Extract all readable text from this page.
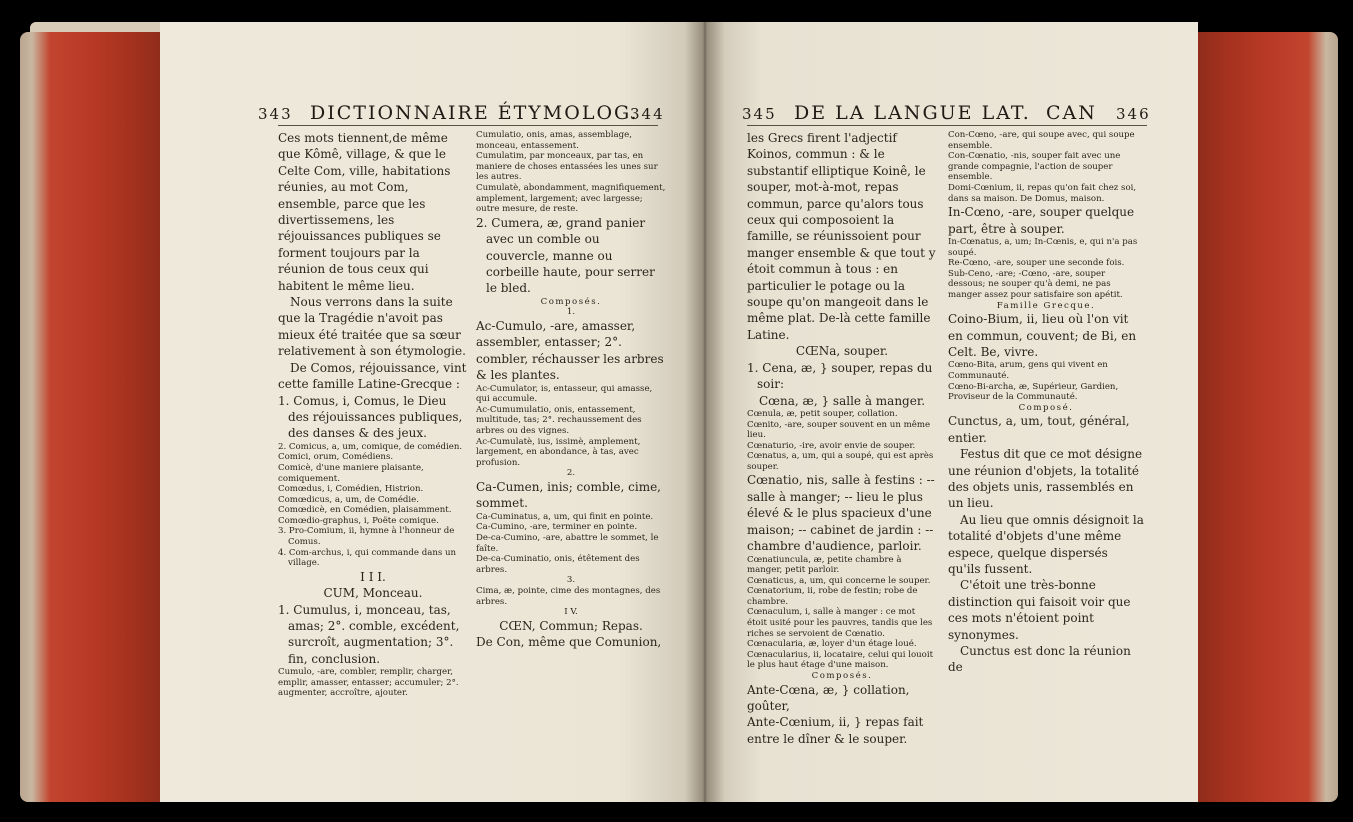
343 DICTIONNAIRE ÉTYMOLOG.
344

Ces mots tiennent,de même que Kômê, village, & que le Celte Com, ville, habitations réunies, au mot Com, ensemble, parce que les divertissemens, les réjouissances publiques se forment toujours par la réunion de tous ceux qui habitent le même lieu.

Nous verrons dans la suite que la Tragédie n'avoit pas mieux été traitée que sa sœur relativement à son étymologie.

De Comos, réjouissance, vint cette famille Latine-Grecque :

1. Comus, i, Comus, le Dieu des réjouissances publiques, des danses & des jeux.

2. Comicus, a, um, comique, de comédien.

Comici, orum, Comédiens.

Comicè, d'une maniere plaisante, comiquement.

Comœdus, i, Comédien, Histrion.

Comœdicus, a, um, de Comédie.

Comœdicè, en Comédien, plaisamment.

Comœdio-graphus, i, Poëte comique.

3. Pro-Comium, ii, hymne à l'honneur de Comus.

4. Com-archus, i, qui commande dans un village.

I I I.

CUM, Monceau.

1. Cumulus, i, monceau, tas, amas; 2°. comble, excédent, surcroît, augmentation; 3°. fin, conclusion.

Cumulo, -are, combler, remplir, charger, emplir, amasser, entasser; accumuler; 2°. augmenter, accroître, ajouter.

Cumulatio, onis, amas, assemblage, monceau, entassement.

Cumulatim, par monceaux, par tas, en maniere de choses entassées les unes sur les autres.

Cumulatè, abondamment, magnifiquement, amplement, largement; avec largesse; outre mesure, de reste.

2. Cumera, æ, grand panier avec un comble ou couvercle, manne ou corbeille haute, pour serrer le bled.

Composés.

1.

Ac-Cumulo, -are, amasser, assembler, entasser; 2°. combler, réchausser les arbres & les plantes.

Ac-Cumulator, is, entasseur, qui amasse, qui accumule.

Ac-Cumumulatio, onis, entassement, multitude, tas; 2°. rechaussement des arbres ou des vignes.

Ac-Cumulatè, ius, issimè, amplement, largement, en abondance, à tas, avec profusion.

2.

Ca-Cumen, inis; comble, cime, sommet.

Ca-Cuminatus, a, um, qui finit en pointe.

Ca-Cumino, -are, terminer en pointe.

De-ca-Cumino, -are, abattre le sommet, le faîte.

De-ca-Cuminatio, onis, étêtement des arbres.

3.

Cima, æ, pointe, cime des montagnes, des arbres.

I V.

CŒN, Commun; Repas.

De Con, même que Comunion,

345 DE LA LANGUE LAT. CAN 346

les Grecs firent l'adjectif Koinos, commun : & le substantif elliptique Koinê, le souper, mot-à-mot, repas commun, parce qu'alors tous ceux qui composoient la famille, se réunissoient pour manger ensemble & que tout y étoit commun à tous : en particulier le potage ou la soupe qu'on mangeoit dans le même plat. De-là cette famille Latine.

CŒNa, souper.

1. Cena, æ, } souper, repas du soir:

Cœna, æ, } salle à manger.

Cœnula, æ, petit souper, collation.

Cœnito, -are, souper souvent en un même lieu.

Cœnaturio, -ire, avoir envie de souper.

Cœnatus, a, um, qui a soupé, qui est après souper.

Cœnatio, nis, salle à festins : -- salle à manger; -- lieu le plus élevé & le plus spacieux d'une maison; -- cabinet de jardin : -- chambre d'audience, parloir.

Cœnatiuncula, æ, petite chambre à manger, petit parloir.

Cœnaticus, a, um, qui concerne le souper.

Cœnatorium, ii, robe de festin; robe de chambre.

Cœnaculum, i, salle à manger : ce mot étoit usité pour les pauvres, tandis que les riches se servoient de Cœnatio.

Cœnacularia, æ, loyer d'un étage loué.

Cœnacularius, ii, locataire, celui qui louoit le plus haut étage d'une maison.

Composés.

Ante-Cœna, æ, } collation, goûter,

Ante-Cœnium, ii, } repas fait entre le dîner & le souper.

Con-Cœno, -are, qui soupe avec, qui soupe ensemble.

Con-Cœnatio, -nis, souper fait avec une grande compagnie, l'action de souper ensemble.

Domi-Cœnium, ii, repas qu'on fait chez soi, dans sa maison. De Domus, maison.

In-Cœno, -are, souper quelque part, être à souper.

In-Cœnatus, a, um; In-Cœnis, e, qui n'a pas soupé.

Re-Cœno, -are, souper une seconde fois.

Sub-Ceno, -are; -Cœno, -are, souper dessous; ne souper qu'à demi, ne pas manger assez pour satisfaire son apétit.

Famille Grecque.

Coino-Bium, ii, lieu où l'on vit en commun, couvent; de Bi, en Celt. Be, vivre.

Cœno-Bita, arum, gens qui vivent en Communauté.

Cœno-Bi-archa, æ, Supérieur, Gardien, Proviseur de la Communauté.

Composé.

Cunctus, a, um, tout, général, entier.

Festus dit que ce mot désigne une réunion d'objets, la totalité des objets unis, rassemblés en un lieu.

Au lieu que omnis désignoit la totalité d'objets d'une même espece, quelque dispersés qu'ils fussent.

C'étoit une très-bonne distinction qui faisoit voir que ces mots n'étoient point synonymes.

Cunctus est donc la réunion de
